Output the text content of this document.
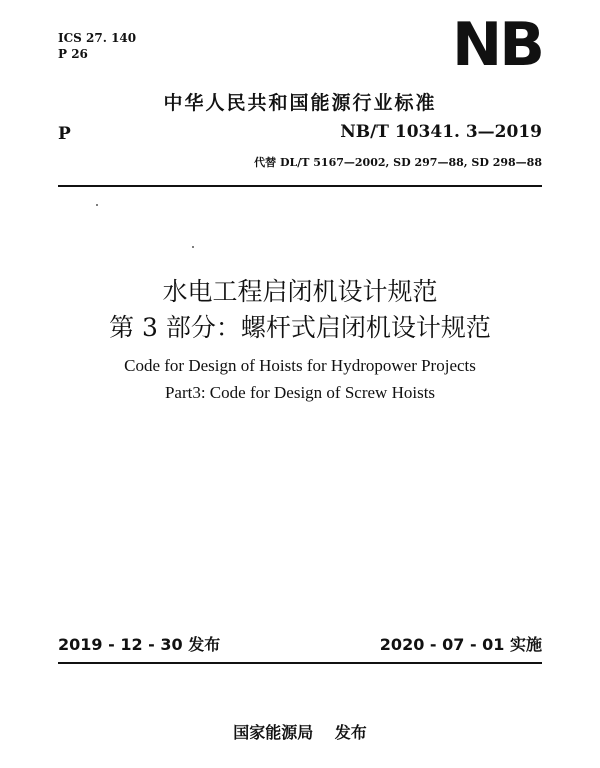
ICS 27. 140
P 26	NB
中华人民共和国能源行业标准
P	NB/T 10341. 3—2019
代替 DL/T 5167—2002, SD 297—88, SD 298—88
水电工程启闭机设计规范
第 3 部分：螺杆式启闭机设计规范
Code for Design of Hoists for Hydropower Projects
Part3: Code for Design of Screw Hoists
2019 - 12 - 30 发布	2020 - 07 - 01 实施
国家能源局 发布
